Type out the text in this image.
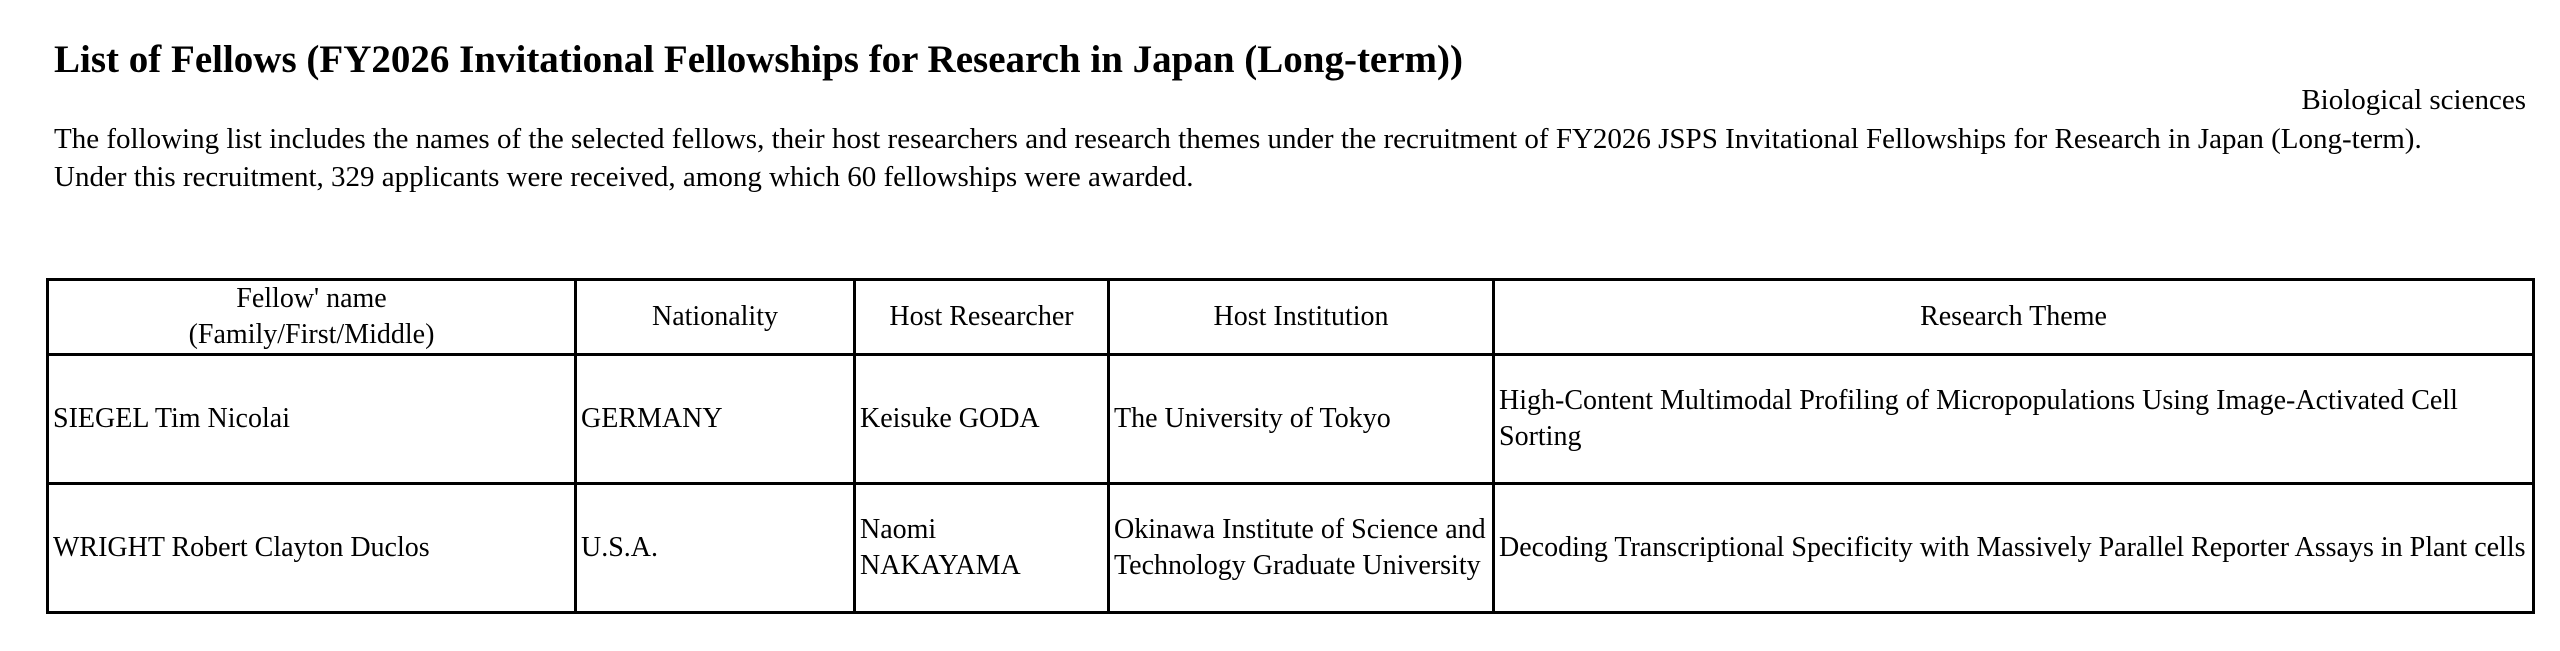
List of Fellows (FY2026 Invitational Fellowships for Research in Japan (Long-term))
Biological sciences
The following list includes the names of the selected fellows, their host researchers and research themes under the recruitment of FY2026 JSPS Invitational Fellowships for Research in Japan (Long-term). Under this recruitment, 329 applicants were received, among which 60 fellowships were awarded.
Fellow' name
(Family/First/Middle)	Nationality	Host Researcher	Host Institution	Research Theme
SIEGEL Tim Nicolai	GERMANY	Keisuke GODA	The University of Tokyo	High-Content Multimodal Profiling of Micropopulations Using Image-Activated Cell Sorting
WRIGHT Robert Clayton Duclos	U.S.A.	Naomi NAKAYAMA	Okinawa Institute of Science and Technology Graduate University	Decoding Transcriptional Specificity with Massively Parallel Reporter Assays in Plant cells
